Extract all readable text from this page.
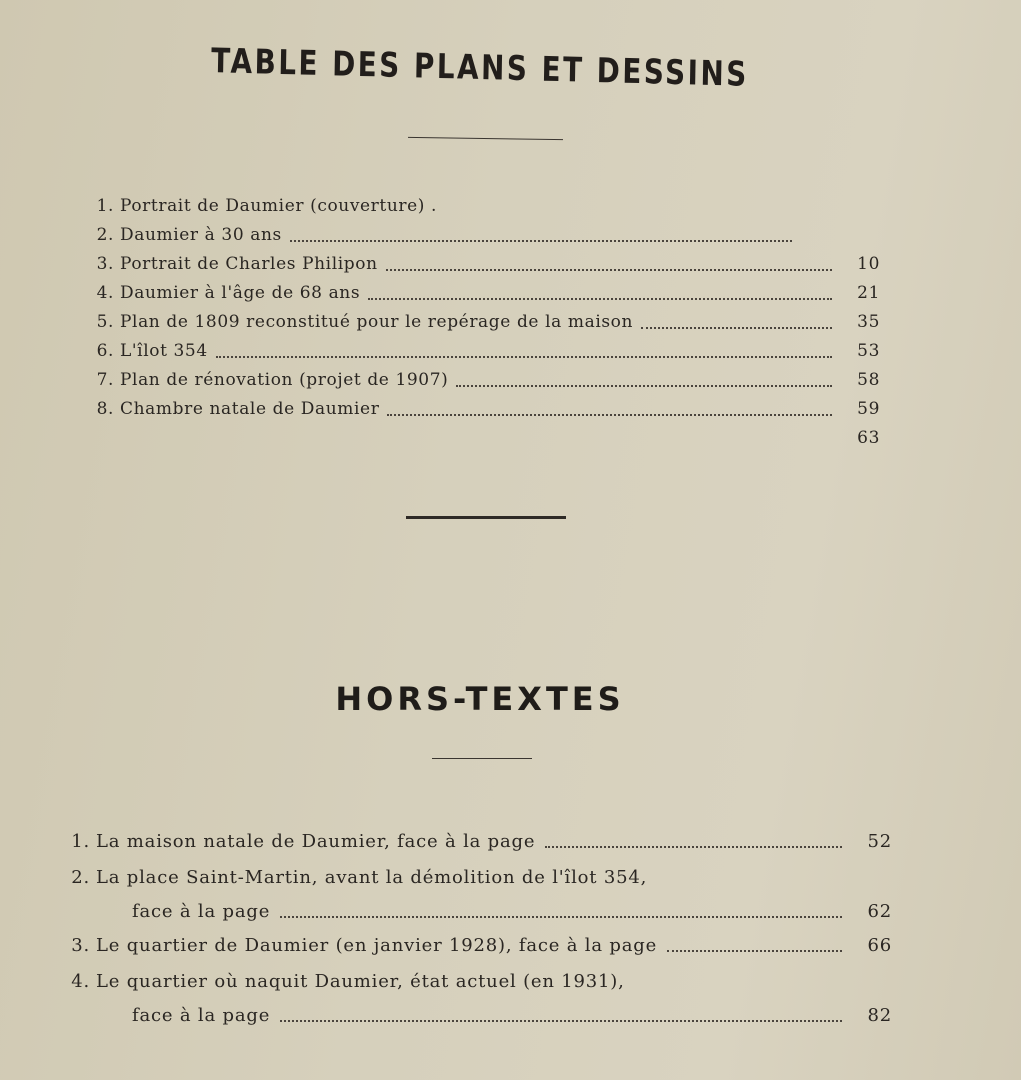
TABLE DES PLANS ET DESSINS
1. Portrait de Daumier (couverture) .
2. Daumier à 30 ans
3. Portrait de Charles Philipon	10
4. Daumier à l'âge de 68 ans	21
5. Plan de 1809 reconstitué pour le repérage de la maison	35
6. L'îlot 354	53
7. Plan de rénovation (projet de 1907)	58
8. Chambre natale de Daumier	59
63
HORS-TEXTES
1. La maison natale de Daumier, face à la page	52
2. La place Saint-Martin, avant la démolition de l'îlot 354,
face à la page	62
3. Le quartier de Daumier (en janvier 1928), face à la page	66
4. Le quartier où naquit Daumier, état actuel (en 1931),
face à la page	82
